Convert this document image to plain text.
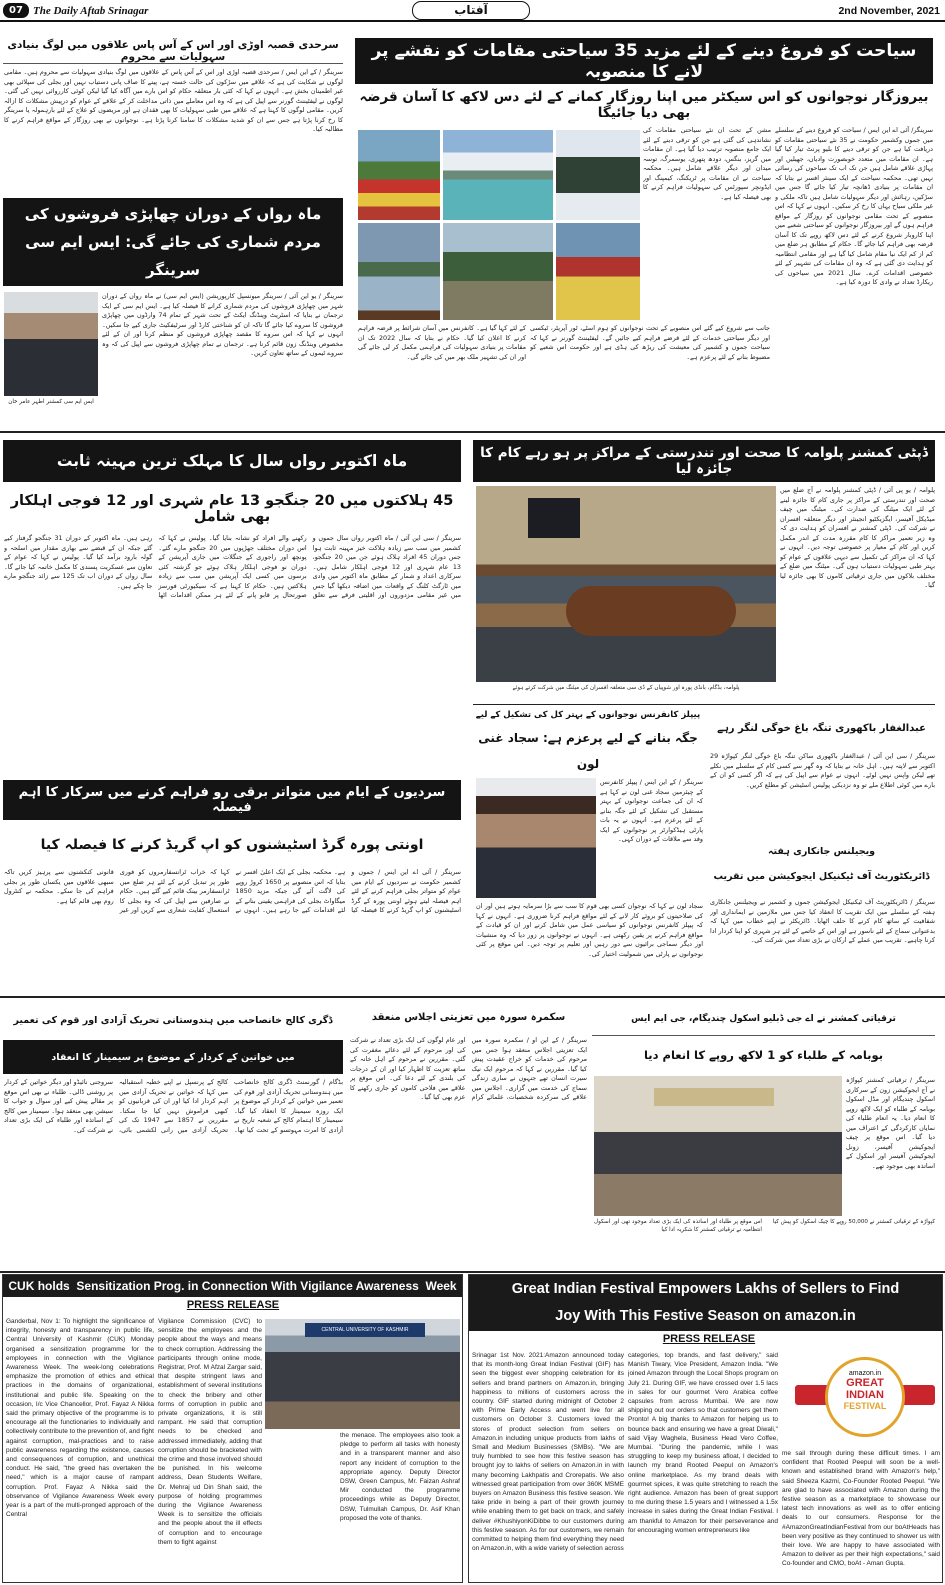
07 The Daily Aftab Srinagar	آفتاب	2nd November, 2021
سیاحت کو فروغ دینے کے لئے مزید 35 سیاحتی مقامات کو نقشے پر لانے کا منصوبہ
بیروزگار نوجوانوں کو اس سیکٹر میں اپنا روزگار کمانے کے لئے دس لاکھ کا آسان قرضہ بھی دیا جائیگا
سرینگر/ آئی اے این ایس / سیاحت کو فروغ دینے کے سلسلے میں جموں وکشمیر حکومت نے 35 نئے سیاحتی مقامات کو دریافت کیا ہے جن کو ترقی دینے کا بلیو پرنٹ تیار کیا گیا ہے۔ ان مقامات میں متعدد خوبصورت وادیاں، جھیلیں اور پہاڑی علاقے شامل ہیں جن تک اب تک سیاحوں کی رسائی نہیں تھی۔ محکمہ سیاحت کے ایک سینئر افسر نے بتایا کہ ان مقامات پر بنیادی ڈھانچہ تیار کیا جائے گا جس میں سڑکیں، رہائش اور دیگر سہولیات شامل ہیں تاکہ ملکی و غیر ملکی سیاح یہاں کا رخ کر سکیں۔ انہوں نے کہا کہ اس منصوبے کے تحت مقامی نوجوانوں کو روزگار کے مواقع فراہم ہوں گے اور بیروزگار نوجوانوں کو سیاحتی شعبے میں اپنا کاروبار شروع کرنے کے لئے دس لاکھ روپے تک کا آسان قرضہ بھی فراہم کیا جائے گا۔ حکام کے مطابق ہر ضلع میں کم از کم ایک نیا مقام شامل کیا گیا ہے اور مقامی انتظامیہ کو ہدایت دی گئی ہے کہ وہ ان مقامات کی تشہیر کے لئے خصوصی اقدامات کرے۔ سال 2021 میں سیاحوں کی ریکارڈ تعداد نے وادی کا دورہ کیا ہے۔
مشن کے تحت ان نئے سیاحتی مقامات کی نشاندہی کی گئی ہے جن کو ترقی دینے کے لئے ایک جامع منصوبہ ترتیب دیا گیا ہے۔ ان مقامات میں گریز، بنگس، دودھ پتھری، یوسمرگ، توسہ میدان اور دیگر علاقے شامل ہیں۔ محکمہ سیاحت نے ان مقامات پر ٹریکنگ، کیمپنگ اور ایڈونچر سپورٹس کی سہولیات فراہم کرنے کا بھی فیصلہ کیا ہے۔
جانب سے شروع کیے گئے اس منصوبے کے تحت نوجوانوں کو ہوم اسٹے، ٹور آپریٹر، ٹیکسی اور دیگر سیاحتی خدمات کے لئے قرضے فراہم کیے جائیں گے۔ لیفٹیننٹ گورنر نے کہا کہ سیاحت جموں و کشمیر کی معیشت کی ریڑھ کی ہڈی ہے اور حکومت اس شعبے کو مضبوط بنانے کے لئے پرعزم ہے۔
کے لئے کہا گیا ہے۔ کانفرنس میں آسان شرائط پر قرضہ فراہم کرنے کا اعلان کیا گیا۔ حکام نے بتایا کہ سال 2022 تک ان مقامات پر بنیادی سہولیات کی فراہمی مکمل کر لی جائے گی اور ان کی تشہیر ملک بھر میں کی جائے گی۔
سرحدی قصبہ اوڑی اور اس کے آس پاس علاقوں میں لوگ بنیادی سہولیات سے محروم
سرینگر / کے این ایس / سرحدی قصبہ اوڑی اور اس کے آس پاس کے علاقوں میں لوگ بنیادی سہولیات سے محروم ہیں۔ مقامی لوگوں نے شکایت کی ہے کہ علاقے میں سڑکوں کی حالت خستہ ہے، پینے کا صاف پانی دستیاب نہیں اور بجلی کی سپلائی بھی غیر اطمینان بخش ہے۔ انہوں نے کہا کہ کئی بار متعلقہ حکام کو اس بارے میں آگاہ کیا گیا لیکن کوئی کارروائی نہیں کی گئی۔ لوگوں نے لیفٹیننٹ گورنر سے اپیل کی ہے کہ وہ اس معاملے میں ذاتی مداخلت کر کے علاقے کے عوام کو درپیش مشکلات کا ازالہ کریں۔ مقامی لوگوں کا کہنا ہے کہ علاقے میں طبی سہولیات کا بھی فقدان ہے اور مریضوں کو علاج کے لئے بارہمولہ یا سرینگر کا رخ کرنا پڑتا ہے جس سے ان کو شدید مشکلات کا سامنا کرنا پڑتا ہے۔ نوجوانوں نے بھی روزگار کے مواقع فراہم کرنے کا مطالبہ کیا۔
ماہ رواں کے دوران چھاپڑی فروشوں کی
مردم شماری کی جائے گی: ایس ایم سی سرینگر
ایس ایم سی کمشنر اطہر عامر خان
سرینگر / یو این آئی / سرینگر میونسپل کارپوریشن (ایس ایم سی) نے ماہ رواں کے دوران شہر میں چھاپڑی فروشوں کی مردم شماری کرانے کا فیصلہ کیا ہے۔ ایس ایم سی کے ایک ترجمان نے بتایا کہ اسٹریٹ وینڈنگ ایکٹ کے تحت شہر کے تمام 74 وارڈوں میں چھاپڑی فروشوں کا سروے کیا جائے گا تاکہ ان کو شناختی کارڈ اور سرٹیفکیٹ جاری کیے جا سکیں۔ انہوں نے کہا کہ اس سروے کا مقصد چھاپڑی فروشوں کو منظم کرنا اور ان کے لئے مخصوص وینڈنگ زون قائم کرنا ہے۔ ترجمان نے تمام چھاپڑی فروشوں سے اپیل کی کہ وہ سروے ٹیموں کے ساتھ تعاون کریں۔
ماہ اکتوبر رواں سال کا مہلک ترین مہینہ ثابت
45 ہلاکتوں میں 20 جنگجو 13 عام شہری اور 12 فوجی اہلکار بھی شامل
سرینگر / سی این آئی / ماہ اکتوبر رواں سال جموں و کشمیر میں سب سے زیادہ ہلاکت خیز مہینہ ثابت ہوا جس دوران 45 افراد ہلاک ہوئے جن میں 20 جنگجو، 13 عام شہری اور 12 فوجی اہلکار شامل ہیں۔ سرکاری اعداد و شمار کے مطابق ماہ اکتوبر میں وادی میں ٹارگٹ کلنگ کے واقعات میں اضافہ دیکھا گیا جس میں غیر مقامی مزدوروں اور اقلیتی فرقے سے تعلق رکھنے والے افراد کو نشانہ بنایا گیا۔ پولیس نے کہا کہ اس دوران مختلف جھڑپوں میں 20 جنگجو مارے گئے۔ پونچھ اور راجوری کے جنگلات میں جاری آپریشن کے دوران نو فوجی اہلکار ہلاک ہوئے جو گزشتہ کئی برسوں میں کسی ایک آپریشن میں سب سے زیادہ ہلاکتیں ہیں۔ حکام کا کہنا ہے کہ سیکیورٹی فورسز صورتحال پر قابو پانے کے لئے ہر ممکن اقدامات اٹھا رہی ہیں۔ ماہ اکتوبر کے دوران 31 جنگجو گرفتار کیے گئے جبکہ ان کے قبضے سے بھاری مقدار میں اسلحہ و گولہ بارود برآمد کیا گیا۔ پولیس نے کہا کہ عوام کے تعاون سے عسکریت پسندی کا مکمل خاتمہ کیا جائے گا۔ سال رواں کے دوران اب تک 125 سے زائد جنگجو مارے جا چکے ہیں۔
ڈپٹی کمشنر پلوامہ کا صحت اور تندرستی کے مراکز پر ہو رہے کام کا جائزہ لیا
پلوامہ / یو پی آئی / ڈپٹی کمشنر پلوامہ نے آج ضلع میں صحت اور تندرستی کے مراکز پر جاری کام کا جائزہ لینے کے لئے ایک میٹنگ کی صدارت کی۔ میٹنگ میں چیف میڈیکل آفیسر، ایگزیکٹیو انجینئر اور دیگر متعلقہ افسران نے شرکت کی۔ ڈپٹی کمشنر نے افسران کو ہدایت دی کہ وہ زیر تعمیر مراکز کا کام مقررہ مدت کے اندر مکمل کریں اور کام کے معیار پر خصوصی توجہ دیں۔ انہوں نے کہا کہ ان مراکز کی تکمیل سے دیہی علاقوں کے عوام کو بہتر طبی سہولیات دستیاب ہوں گی۔ میٹنگ میں ضلع کے مختلف بلاکوں میں جاری ترقیاتی کاموں کا بھی جائزہ لیا گیا۔
پلوامہ، بڈگام، بانڈی پورہ اور شوپیاں کے ڈی سی متعلقہ افسران کی میٹنگ میں شرکت کرتے ہوئے
پیپلز کانفرنس نوجوانوں کے بہتر کل کی تشکیل کے لیے
جگہ بنانے کے لیے پرعزم ہے: سجاد غنی لون
سرینگر / کے این ایس / پیپلز کانفرنس کے چیئرمین سجاد غنی لون نے کہا ہے کہ ان کی جماعت نوجوانوں کے بہتر مستقبل کی تشکیل کے لئے جگہ بنانے کے لئے پرعزم ہے۔ انہوں نے یہ بات پارٹی ہیڈکوارٹر پر نوجوانوں کے ایک وفد سے ملاقات کے دوران کہی۔
سجاد لون نے کہا کہ نوجوان کسی بھی قوم کا سب سے بڑا سرمایہ ہوتے ہیں اور ان کی صلاحیتوں کو بروئے کار لانے کے لئے مواقع فراہم کرنا ضروری ہے۔ انہوں نے کہا کہ پیپلز کانفرنس نوجوانوں کو سیاسی عمل میں شامل کرنے اور ان کو قیادت کے مواقع فراہم کرنے پر یقین رکھتی ہے۔ انہوں نے نوجوانوں پر زور دیا کہ وہ منشیات اور دیگر سماجی برائیوں سے دور رہیں اور تعلیم پر توجہ دیں۔ اس موقع پر کئی نوجوانوں نے پارٹی میں شمولیت اختیار کی۔
عبدالغفار باکھوری تنگہ باغ خوگی لنگر رہے
سرینگر / سی این آئی / عبدالغفار باکھوری ساکن تنگہ باغ خوگی لنگر کپواڑہ 29 اکتوبر سے لاپتہ ہیں۔ اہل خانہ نے بتایا کہ وہ گھر سے کسی کام کے سلسلے میں نکلے تھے لیکن واپس نہیں لوٹے۔ انہوں نے عوام سے اپیل کی ہے کہ اگر کسی کو ان کے بارے میں کوئی اطلاع ملے تو وہ نزدیکی پولیس اسٹیشن کو مطلع کریں۔
ویجیلنس جانکاری ہفتہ
ڈائریکٹوریٹ آف ٹیکنیکل ایجوکیشن میں تقریب
سرینگر / ڈائریکٹوریٹ آف ٹیکنیکل ایجوکیشن جموں و کشمیر نے ویجیلنس جانکاری ہفتہ کے سلسلے میں ایک تقریب کا انعقاد کیا جس میں ملازمین نے ایمانداری اور شفافیت کے ساتھ کام کرنے کا حلف اٹھایا۔ ڈائریکٹر نے اپنے خطاب میں کہا کہ بدعنوانی سماج کے لئے ناسور ہے اور اس کے خاتمے کے لئے ہر شہری کو اپنا کردار ادا کرنا چاہیے۔ تقریب میں عملے کے ارکان نے بڑی تعداد میں شرکت کی۔
سردیوں کے ایام میں متواتر برقی رو فراہم کرنے میں سرکار کا اہم فیصلہ
اونتی پورہ گرڈ اسٹیشنوں کو اپ گریڈ کرنے کا فیصلہ کیا
سرینگر / آئی اے این ایس / جموں و کشمیر حکومت نے سردیوں کے ایام میں عوام کو متواتر بجلی فراہم کرنے کے لئے اہم فیصلہ لیتے ہوئے اونتی پورہ کے گرڈ اسٹیشنوں کو اپ گریڈ کرنے کا فیصلہ کیا ہے۔ محکمہ بجلی کے ایک اعلیٰ افسر نے بتایا کہ اس منصوبے پر 1650 کروڑ روپے کی لاگت آئے گی جبکہ مزید 1850 میگاواٹ بجلی کی فراہمی یقینی بنانے کے لئے اقدامات کیے جا رہے ہیں۔ انہوں نے کہا کہ خراب ٹرانسفارمروں کو فوری طور پر تبدیل کرنے کے لئے ہر ضلع میں ٹرانسفارمر بینک قائم کیے گئے ہیں۔ حکام نے صارفین سے اپیل کی کہ وہ بجلی کا استعمال کفایت شعاری سے کریں اور غیر قانونی کنکشنوں سے پرہیز کریں تاکہ سبھی علاقوں میں یکساں طور پر بجلی فراہم کی جا سکے۔ محکمہ نے کنٹرول روم بھی قائم کیا ہے۔
ڈگری کالج خانصاحب میں ہندوستانی تحریک آزادی اور قوم کی تعمیر
میں خواتین کے کردار کے موضوع پر سیمینار کا انعقاد
بڈگام / گورنمنٹ ڈگری کالج خانصاحب میں ہندوستانی تحریک آزادی اور قوم کی تعمیر میں خواتین کے کردار کے موضوع پر ایک روزہ سیمینار کا انعقاد کیا گیا۔ سیمینار کا اہتمام کالج کے شعبہ تاریخ نے آزادی کا امرت مہوتسو کے تحت کیا تھا۔ کالج کے پرنسپل نے اپنے خطبہ استقبالیہ میں کہا کہ خواتین نے تحریک آزادی میں اہم کردار ادا کیا اور ان کی قربانیوں کو کبھی فراموش نہیں کیا جا سکتا۔ مقررین نے 1857 سے 1947 تک کی تحریک آزادی میں رانی لکشمی بائی، سروجنی نائیڈو اور دیگر خواتین کے کردار پر روشنی ڈالی۔ طلباء نے بھی اس موقع پر مقالے پیش کیے اور سوال و جواب کا سیشن بھی منعقد ہوا۔ سیمینار میں کالج کے اساتذہ اور طلباء کی ایک بڑی تعداد نے شرکت کی۔
سکمرہ سورہ میں تعزیتی اجلاس منعقد
سرینگر / کے این او / سکمرہ سورہ میں ایک تعزیتی اجلاس منعقد ہوا جس میں مرحوم کی خدمات کو خراج عقیدت پیش کیا گیا۔ مقررین نے کہا کہ مرحوم ایک نیک سیرت انسان تھے جنہوں نے ساری زندگی سماج کی خدمت میں گزاری۔ اجلاس میں علاقے کی سرکردہ شخصیات، علمائے کرام اور عام لوگوں کی ایک بڑی تعداد نے شرکت کی اور مرحوم کے لئے دعائے مغفرت کی گئی۔ مقررین نے مرحوم کے اہل خانہ کے ساتھ تعزیت کا اظہار کیا اور ان کے درجات کی بلندی کے لئے دعا کی۔ اس موقع پر علاقے میں فلاحی کاموں کو جاری رکھنے کا عزم بھی کیا گیا۔
ترقیاتی کمشنر نے اے جی ڈبلیو اسکول چندیگام، جی ایم ایس
بوبامہ کے طلباء کو 1 لاکھ روپے کا انعام دیا
سرینگر / ترقیاتی کمشنر کپواڑہ نے آج ایجوکیشن زون کے سرکاری اسکول چندیگام اور مڈل اسکول بوبامہ کے طلباء کو ایک لاکھ روپے کا انعام دیا۔ یہ انعام طلباء کی نمایاں کارکردگی کے اعتراف میں دیا گیا۔ اس موقع پر چیف ایجوکیشن آفیسر، زونل ایجوکیشن آفیسر اور اسکول کے اساتذہ بھی موجود تھے۔
کپواڑہ کے ترقیاتی کمشنر نے 50,000 روپے کا چیک اسکول کو پیش کیا
اس موقع پر طلباء اور اساتذہ کی ایک بڑی تعداد موجود تھی اور اسکول انتظامیہ نے ترقیاتی کمشنر کا شکریہ ادا کیا
CUK holds  Sensitization Prog. in Connection With Vigilance Awareness  Week
PRESS RELEASE
Ganderbal, Nov 1: To highlight the significance of integrity, honesty and transparency in public life, Central University of Kashmir (CUK) Monday organised a sensitization programme for the employees in connection with the Vigilance Awareness Week. The week-long celebrations emphasize the promotion of ethics and ethical practices in the domains of organizational, institutional and public life. Speaking on the occasion, I/c Vice Chancellor, Prof. Fayaz A Nikka said the primary objective of the programme is to encourage all the functionaries to individually and collectively contribute to the prevention of, and fight against corruption, mal-practices and to raise public awareness regarding the existence, causes and consequences of corruption, and unethical conduct. He said, "the greed has overtaken the need," which is a major cause of rampant corruption. Prof. Fayaz A Nikka said the observance of Vigilance Awareness Week every year is a part of the multi-pronged approach of the Central
Vigilance Commission (CVC) to sensitize the employees and the people about the ways and means to check corruption. Addressing the participants through online mode, Registrar, Prof. M Afzal Zargar said, that despite stringent laws and establishment of several institutions to check the bribery and other forms of corruption in public and private organizations, it is still rampant. He said that corruption needs to be checked and addressed immediately, adding that corruption should be bracketed with the crime and those involved should be punished. In his welcome address, Dean Students Welfare, Dr. Mehraj ud Din Shah said, the purpose of holding programmes during the Vigilance Awareness Week is to sensitize the officials and the people about the ill effects of corruption and to encourage them to fight against
CENTRAL UNIVERSITY OF KASHMIR
the menace. The employees also took a pledge to perform all tasks with honesty and in a transparent manner and also report any incident of corruption to the appropriate agency. Deputy Director DSW, Green Campus, Mr. Faizan Ashraf Mir conducted the programme proceedings while as Deputy Director, DSW, Tulmullah Campus, Dr. Asif Khan proposed the vote of thanks.
Great Indian Festival Empowers Lakhs of Sellers to Find
Joy With This Festive Season on amazon.in
PRESS RELEASE
Srinagar 1st Nov. 2021:Amazon announced today that its month-long Great Indian Festival (GIF) has seen the biggest ever shopping celebration for its sellers and brand partners on Amazon.in, bringing happiness to millions of customers across the country. GIF started during midnight of October 2 with Prime Early Access and went live for all customers on October 3. Customers loved the stores of product selection from sellers on Amazon.in including unique products from lakhs of Small and Medium Businesses (SMBs). "We are truly humbled to see how this festive season has brought joy to lakhs of sellers on Amazon.in in with many becoming Lakhpatis and Crorepatis. We also witnessed great participation from over 360K MSME buyers on Amazon Business this festive season. We take pride in being a part of their growth journey while enabling them to get back on track, and safely deliver #KhushiyonKiDibbe to our customers during this festive season. As for our customers, we remain committed to helping them find everything they need on Amazon.in, with a wide variety of selection across
categories, top brands, and fast delivery," said Manish Tiwary, Vice President, Amazon India. "We joined Amazon through the Local Shops program on July 21. During GIF, we have crossed over 1.5 lacs in sales for our gourmet Vero Arabica coffee capsules from across Mumbai. We are now shipping out our orders so that customers get them Pronto! A big thanks to Amazon for helping us to bounce back and ensuring we have a great Diwali," said Vijay Waghela, Business Head Vero Coffee, Mumbai. "During the pandemic, while I was struggling to keep my business afloat, I decided to launch my brand Rooted Peepul on Amazon's online marketplace. As my brand deals with gourmet spices, it was quite stretching to reach the right audience. Amazon has been of great support to me during these 1.5 years and I witnessed a 1.5x increase in sales during the Great Indian Festival. I am thankful to Amazon for their perseverance and for encouraging women entrepreneurs like
amazon.in
GREAT
INDIAN
FESTIVAL
me sail through during these difficult times. I am confident that Rooted Peepul will soon be a well-known and established brand with Amazon's help," said Sheeza Kazmi, Co-Founder Rooted Peepul. "We are glad to have associated with Amazon during the festive season as a marketplace to showcase our latest tech innovations as well as to offer enticing deals to our consumers. Response for the #AmazonGreatIndianFestival from our boAtHeads has been very positive as they continued to shower us with their love. We are happy to have associated with Amazon to deliver as per their high expectations," said Co-founder and CMO, boAt - Aman Gupta.
